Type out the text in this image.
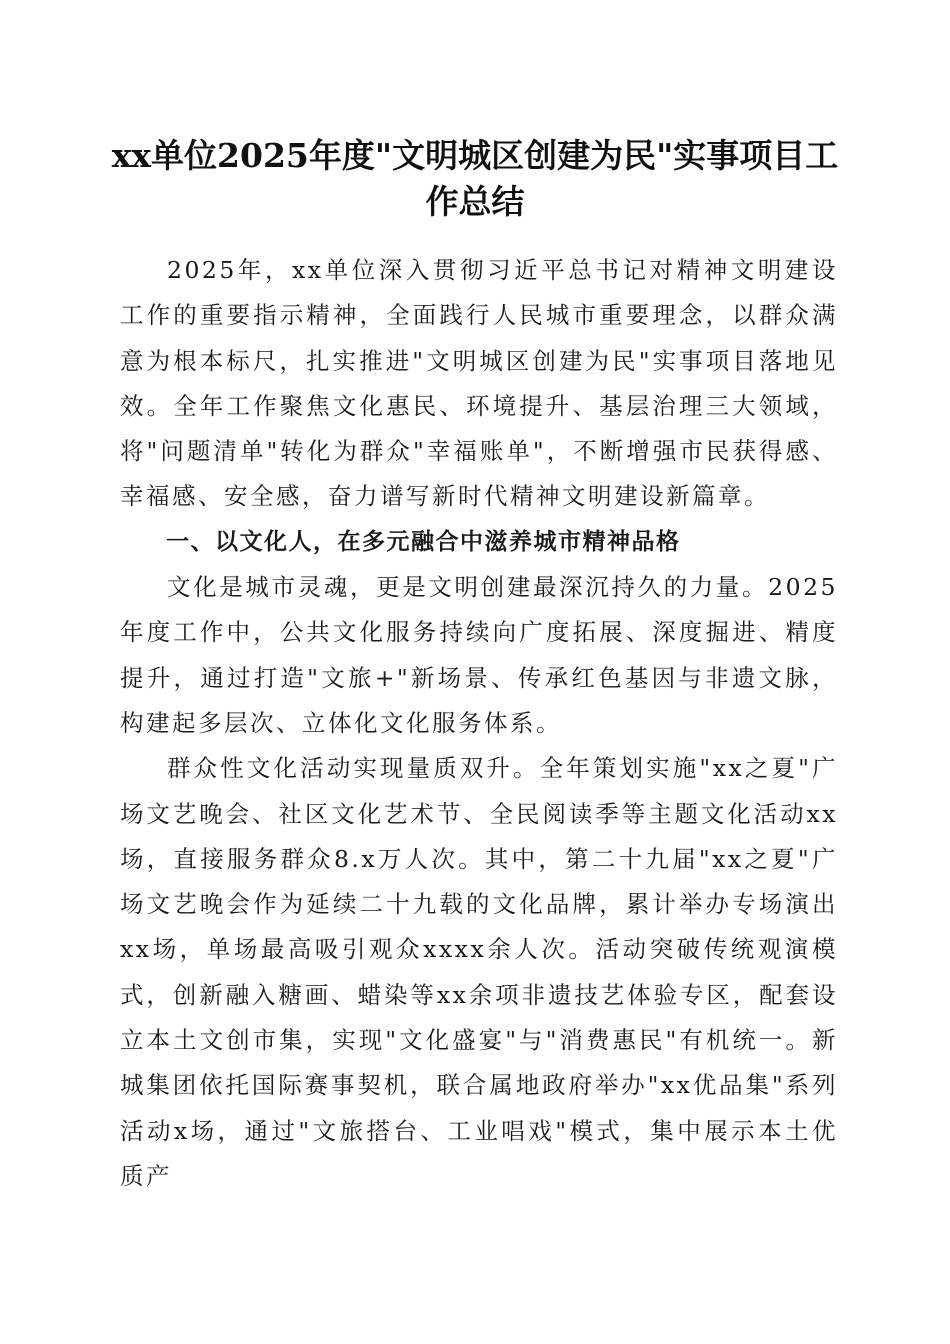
xx单位2025年度"文明城区创建为民"实事项目工作总结

2025年，xx单位深入贯彻习近平总书记对精神文明建设工作的重要指示精神，全面践行人民城市重要理念，以群众满意为根本标尺，扎实推进"文明城区创建为民"实事项目落地见效。全年工作聚焦文化惠民、环境提升、基层治理三大领域，将"问题清单"转化为群众"幸福账单"，不断增强市民获得感、幸福感、安全感，奋力谱写新时代精神文明建设新篇章。

一、以文化人，在多元融合中滋养城市精神品格

文化是城市灵魂，更是文明创建最深沉持久的力量。2025年度工作中，公共文化服务持续向广度拓展、深度掘进、精度提升，通过打造"文旅+"新场景、传承红色基因与非遗文脉，构建起多层次、立体化文化服务体系。

群众性文化活动实现量质双升。全年策划实施"xx之夏"广场文艺晚会、社区文化艺术节、全民阅读季等主题文化活动xx场，直接服务群众8.x万人次。其中，第二十九届"xx之夏"广场文艺晚会作为延续二十九载的文化品牌，累计举办专场演出xx场，单场最高吸引观众xxxx余人次。活动突破传统观演模式，创新融入糖画、蜡染等xx余项非遗技艺体验专区，配套设立本土文创市集，实现"文化盛宴"与"消费惠民"有机统一。新城集团依托国际赛事契机，联合属地政府举办"xx优品集"系列活动x场，通过"文旅搭台、工业唱戏"模式，集中展示本土优质产
